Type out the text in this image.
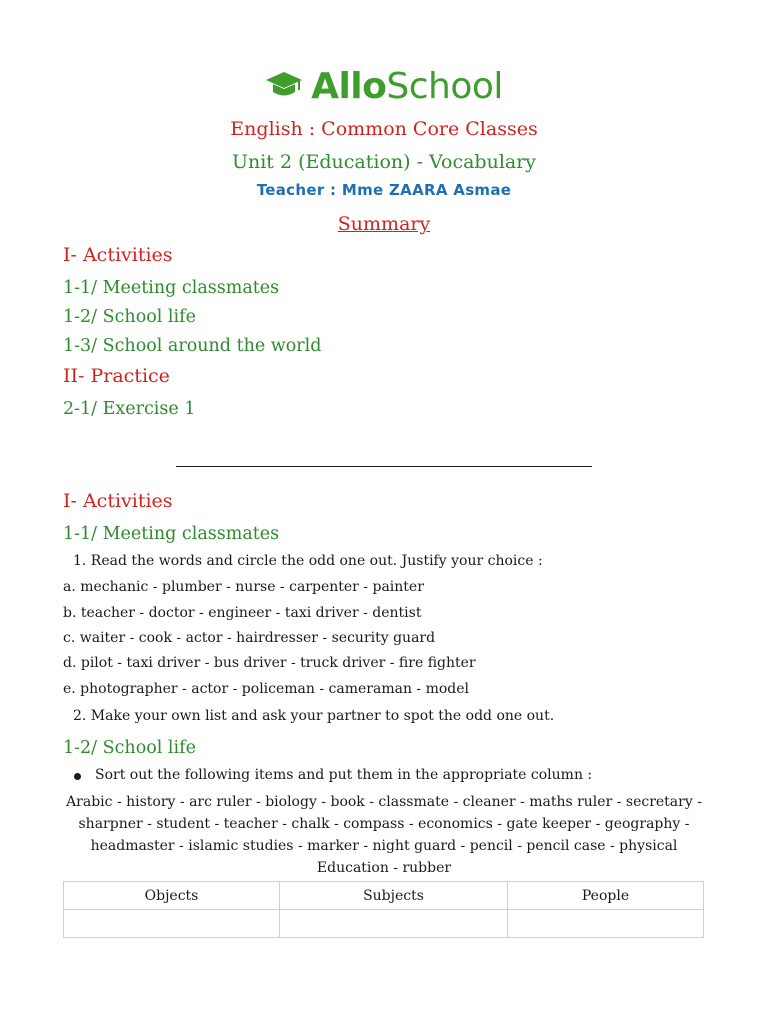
AlloSchool
English : Common Core Classes
Unit 2 (Education) - Vocabulary
Teacher : Mme ZAARA Asmae
Summary
I- Activities
1-1/ Meeting classmates
1-2/ School life
1-3/ School around the world
II- Practice
2-1/ Exercise 1
I- Activities
1-1/ Meeting classmates
1. Read the words and circle the odd one out. Justify your choice :
a. mechanic - plumber - nurse - carpenter - painter
b. teacher - doctor - engineer - taxi driver - dentist
c. waiter - cook - actor - hairdresser - security guard
d. pilot - taxi driver - bus driver - truck driver - fire fighter
e. photographer - actor - policeman - cameraman - model
2. Make your own list and ask your partner to spot the odd one out.
1-2/ School life
Sort out the following items and put them in the appropriate column :
Arabic - history - arc ruler - biology - book - classmate - cleaner - maths ruler - secretary -
sharpner - student - teacher - chalk - compass - economics - gate keeper - geography -
headmaster - islamic studies - marker - night guard - pencil - pencil case - physical
Education - rubber
Objects	Subjects	People
